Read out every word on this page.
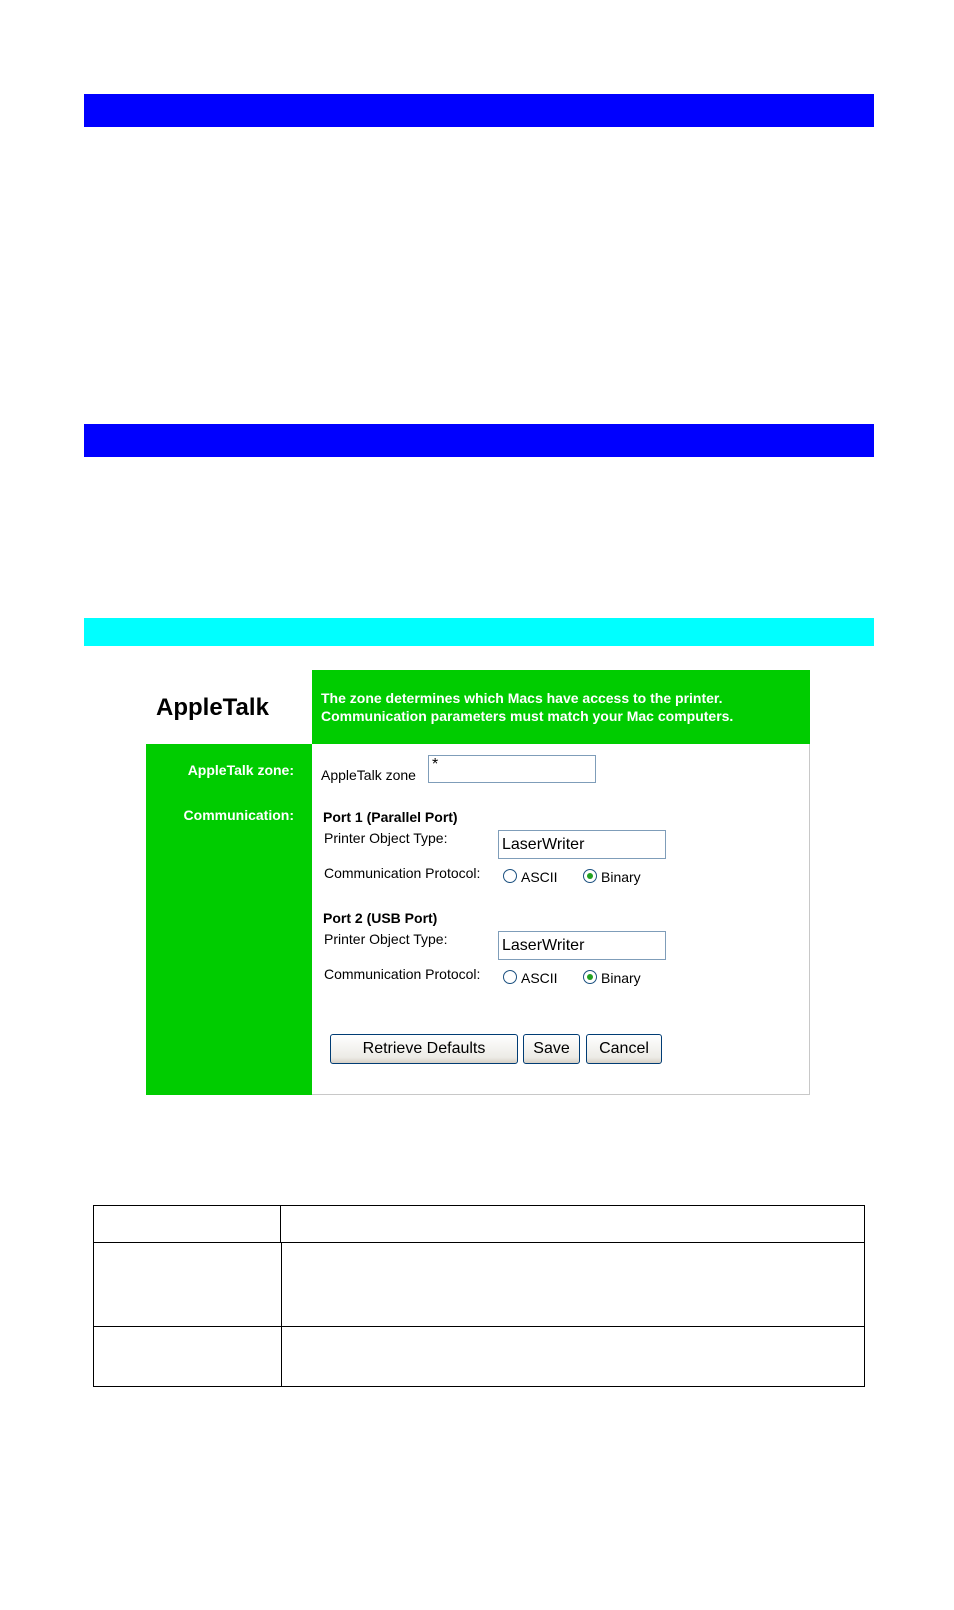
AppleTalk	The zone determines which Macs have access to the printer.
Communication parameters must match your Mac computers.
AppleTalk zone:
Communication:
AppleTalk zone
*
Port 1 (Parallel Port)
Printer Object Type:
LaserWriter
Communication Protocol:	ASCII	Binary
Port 2 (USB Port)
Printer Object Type:
LaserWriter
Communication Protocol:	ASCII	Binary
Retrieve Defaults	Save	Cancel
